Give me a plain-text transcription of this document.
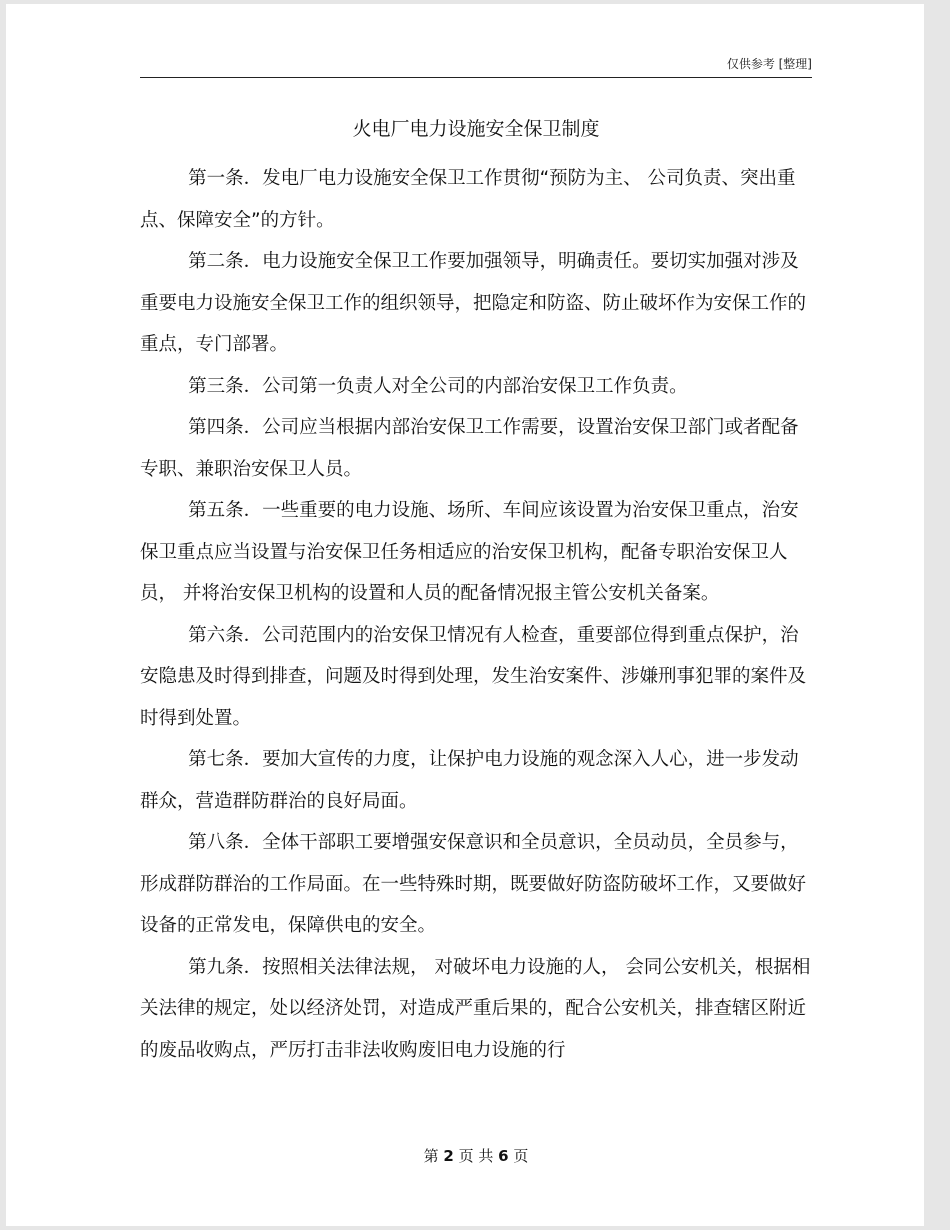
仅供参考 [整理]
火电厂电力设施安全保卫制度

第一条．发电厂电力设施安全保卫工作贯彻“预防为主、 公司负责、突出重点、保障安全”的方针。

第二条．电力设施安全保卫工作要加强领导，明确责任。要切实加强对涉及重要电力设施安全保卫工作的组织领导，把隐定和防盗、防止破坏作为安保工作的重点，专门部署。

第三条．公司第一负责人对全公司的内部治安保卫工作负责。

第四条．公司应当根据内部治安保卫工作需要，设置治安保卫部门或者配备专职、兼职治安保卫人员。

第五条．一些重要的电力设施、场所、车间应该设置为治安保卫重点，治安保卫重点应当设置与治安保卫任务相适应的治安保卫机构，配备专职治安保卫人员， 并将治安保卫机构的设置和人员的配备情况报主管公安机关备案。

第六条．公司范围内的治安保卫情况有人检查，重要部位得到重点保护，治安隐患及时得到排查，问题及时得到处理，发生治安案件、涉嫌刑事犯罪的案件及时得到处置。

第七条．要加大宣传的力度，让保护电力设施的观念深入人心，进一步发动群众，营造群防群治的良好局面。

第八条．全体干部职工要增强安保意识和全员意识，全员动员，全员参与，形成群防群治的工作局面。在一些特殊时期，既要做好防盗防破坏工作，又要做好设备的正常发电，保障供电的安全。

第九条．按照相关法律法规， 对破坏电力设施的人， 会同公安机关，根据相关法律的规定，处以经济处罚，对造成严重后果的，配合公安机关，排查辖区附近的废品收购点，严厉打击非法收购废旧电力设施的行

第 2 页 共 6 页
